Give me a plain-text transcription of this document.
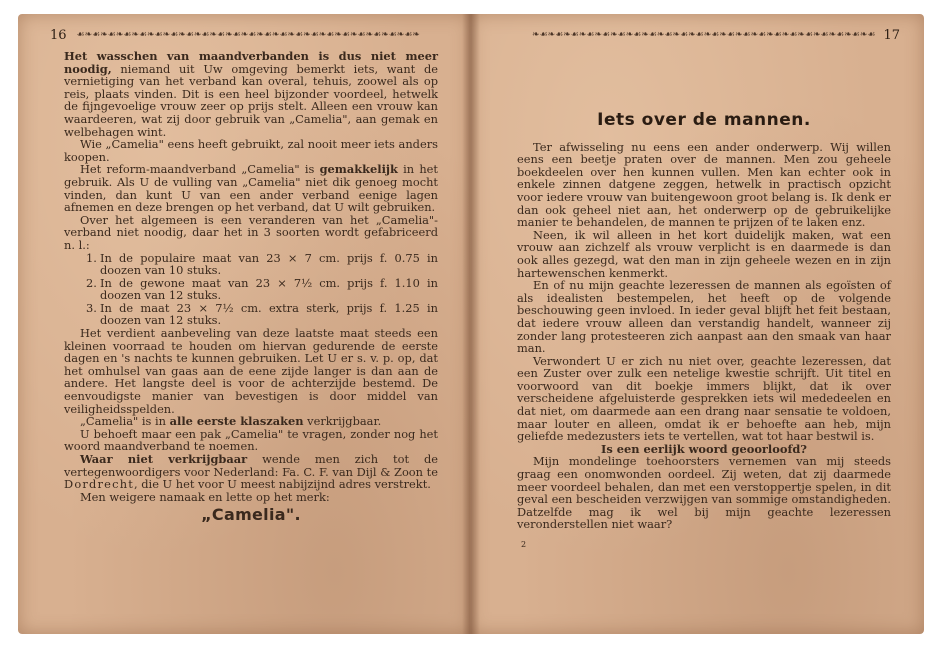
16 ☙❧☙❧☙❧☙❧☙❧☙❧☙❧☙❧☙❧☙❧☙❧☙❧☙❧☙❧☙❧☙❧☙❧☙❧☙❧☙❧☙❧☙❧	❧☙❧☙❧☙❧☙❧☙❧☙❧☙❧☙❧☙❧☙❧☙❧☙❧☙❧☙❧☙❧☙❧☙❧☙❧☙❧☙❧☙❧☙ 17

Het wasschen van maandverbanden is dus niet meer noodig, niemand uit Uw omgeving bemerkt iets, want de vernietiging van het verband kan overal, tehuis, zoowel als op reis, plaats vinden. Dit is een heel bijzonder voordeel, hetwelk de fijngevoelige vrouw zeer op prijs stelt. Alleen een vrouw kan waardeeren, wat zij door gebruik van „Camelia", aan gemak en welbehagen wint.

Wie „Camelia" eens heeft gebruikt, zal nooit meer iets anders koopen.

Het reform-maandverband „Camelia" is gemakkelijk in het gebruik. Als U de vulling van „Camelia" niet dik genoeg mocht vinden, dan kunt U van een ander verband eenige lagen afnemen en deze brengen op het verband, dat U wilt gebruiken.

Over het algemeen is een veranderen van het „Camelia"-verband niet noodig, daar het in 3 soorten wordt gefabriceerd n. l.:

1. In de populaire maat van 23 × 7 cm. prijs f. 0.75 in doozen van 10 stuks.
2. In de gewone maat van 23 × 7½ cm. prijs f. 1.10 in doozen van 12 stuks.
3. In de maat 23 × 7½ cm. extra sterk, prijs f. 1.25 in doozen van 12 stuks.

Het verdient aanbeveling van deze laatste maat steeds een kleinen voorraad te houden om hiervan gedurende de eerste dagen en 's nachts te kunnen gebruiken. Let U er s. v. p. op, dat het omhulsel van gaas aan de eene zijde langer is dan aan de andere. Het langste deel is voor de achterzijde bestemd. De eenvoudigste manier van bevestigen is door middel van veiligheidsspelden.

„Camelia" is in alle eerste klaszaken verkrijgbaar.

U behoeft maar een pak „Camelia" te vragen, zonder nog het woord maandverband te noemen.

Waar niet verkrijgbaar wende men zich tot de vertegenwoordigers voor Nederland: Fa. C. F. van Dijl & Zoon te Dordrecht, die U het voor U meest nabijzijnd adres verstrekt.

Men weigere namaak en lette op het merk:

„Camelia".
Iets over de mannen.

Ter afwisseling nu eens een ander onderwerp. Wij willen eens een beetje praten over de mannen. Men zou geheele boekdeelen over hen kunnen vullen. Men kan echter ook in enkele zinnen datgene zeggen, hetwelk in practisch opzicht voor iedere vrouw van buitengewoon groot belang is. Ik denk er dan ook geheel niet aan, het onderwerp op de gebruikelijke manier te behandelen, de mannen te prijzen of te laken enz.

Neen, ik wil alleen in het kort duidelijk maken, wat een vrouw aan zichzelf als vrouw verplicht is en daarmede is dan ook alles gezegd, wat den man in zijn geheele wezen en in zijn hartewenschen kenmerkt.

En of nu mijn geachte lezeressen de mannen als egoïsten of als idealisten bestempelen, het heeft op de volgende beschouwing geen invloed. In ieder geval blijft het feit bestaan, dat iedere vrouw alleen dan verstandig handelt, wanneer zij zonder lang protesteeren zich aanpast aan den smaak van haar man.

Verwondert U er zich nu niet over, geachte lezeressen, dat een Zuster over zulk een netelige kwestie schrijft. Uit titel en voorwoord van dit boekje immers blijkt, dat ik over verscheidene afgeluisterde gesprekken iets wil mededeelen en dat niet, om daarmede aan een drang naar sensatie te voldoen, maar louter en alleen, omdat ik er behoefte aan heb, mijn geliefde medezusters iets te vertellen, wat tot haar bestwil is.

Is een eerlijk woord geoorloofd?

Mijn mondelinge toehoorsters vernemen van mij steeds graag een onomwonden oordeel. Zij weten, dat zij daarmede meer voordeel behalen, dan met een verstoppertje spelen, in dit geval een bescheiden verzwijgen van sommige omstandigheden. Datzelfde mag ik wel bij mijn geachte lezeressen veronderstellen niet waar?

2
